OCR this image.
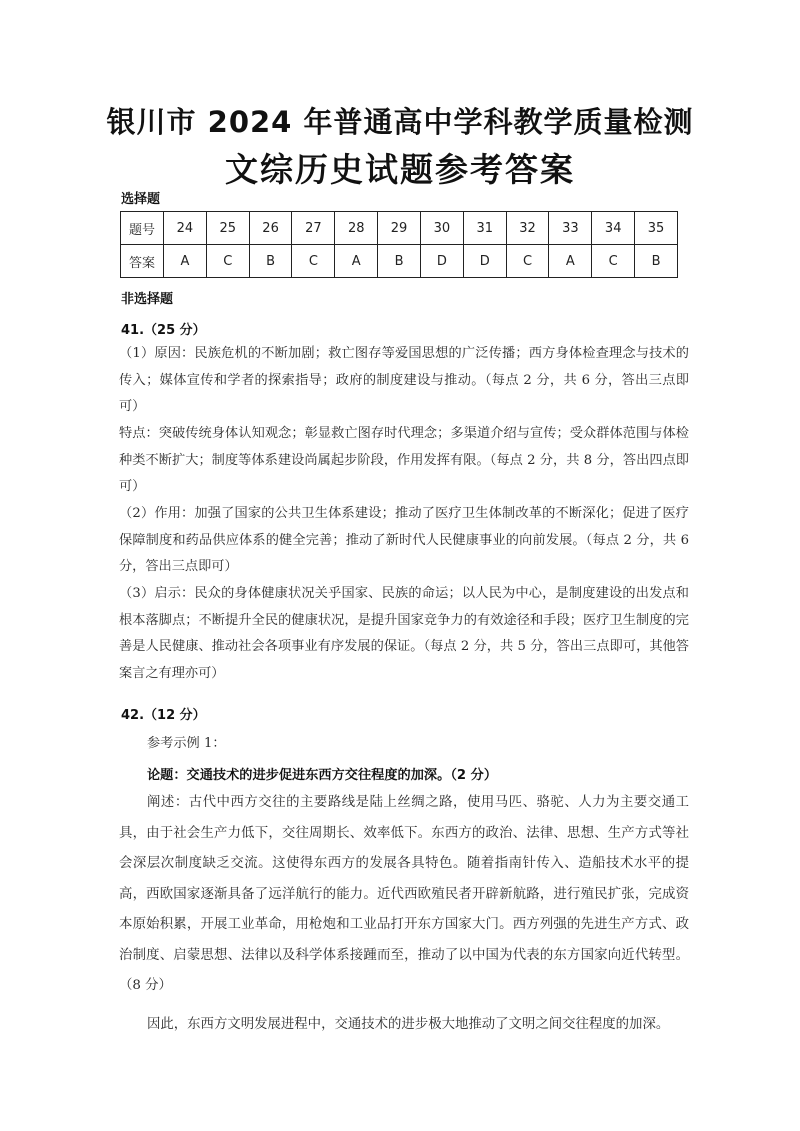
银川市 2024 年普通高中学科教学质量检测
文综历史试题参考答案
选择题
题号	24	25	26	27	28	29	30	31	32	33	34	35
答案	A	C	B	C	A	B	D	D	C	A	C	B
非选择题
41.（25 分）
（1）原因：民族危机的不断加剧；救亡图存等爱国思想的广泛传播；西方身体检查理念与技术的传入；媒体宣传和学者的探索指导；政府的制度建设与推动。（每点 2 分，共 6 分，答出三点即可）
特点：突破传统身体认知观念；彰显救亡图存时代理念；多渠道介绍与宣传；受众群体范围与体检种类不断扩大；制度等体系建设尚属起步阶段，作用发挥有限。（每点 2 分，共 8 分，答出四点即可）
（2）作用：加强了国家的公共卫生体系建设；推动了医疗卫生体制改革的不断深化；促进了医疗保障制度和药品供应体系的健全完善；推动了新时代人民健康事业的向前发展。（每点 2 分，共 6 分，答出三点即可）
（3）启示：民众的身体健康状况关乎国家、民族的命运；以人民为中心，是制度建设的出发点和根本落脚点；不断提升全民的健康状况，是提升国家竞争力的有效途径和手段；医疗卫生制度的完善是人民健康、推动社会各项事业有序发展的保证。（每点 2 分，共 5 分，答出三点即可，其他答案言之有理亦可）
42.（12 分）
参考示例 1：
论题：交通技术的进步促进东西方交往程度的加深。（2 分）
阐述：古代中西方交往的主要路线是陆上丝绸之路，使用马匹、骆驼、人力为主要交通工具，由于社会生产力低下，交往周期长、效率低下。东西方的政治、法律、思想、生产方式等社会深层次制度缺乏交流。这使得东西方的发展各具特色。随着指南针传入、造船技术水平的提高，西欧国家逐渐具备了远洋航行的能力。近代西欧殖民者开辟新航路，进行殖民扩张，完成资本原始积累，开展工业革命，用枪炮和工业品打开东方国家大门。西方列强的先进生产方式、政治制度、启蒙思想、法律以及科学体系接踵而至，推动了以中国为代表的东方国家向近代转型。（8 分）
因此，东西方文明发展进程中，交通技术的进步极大地推动了文明之间交往程度的加深。
